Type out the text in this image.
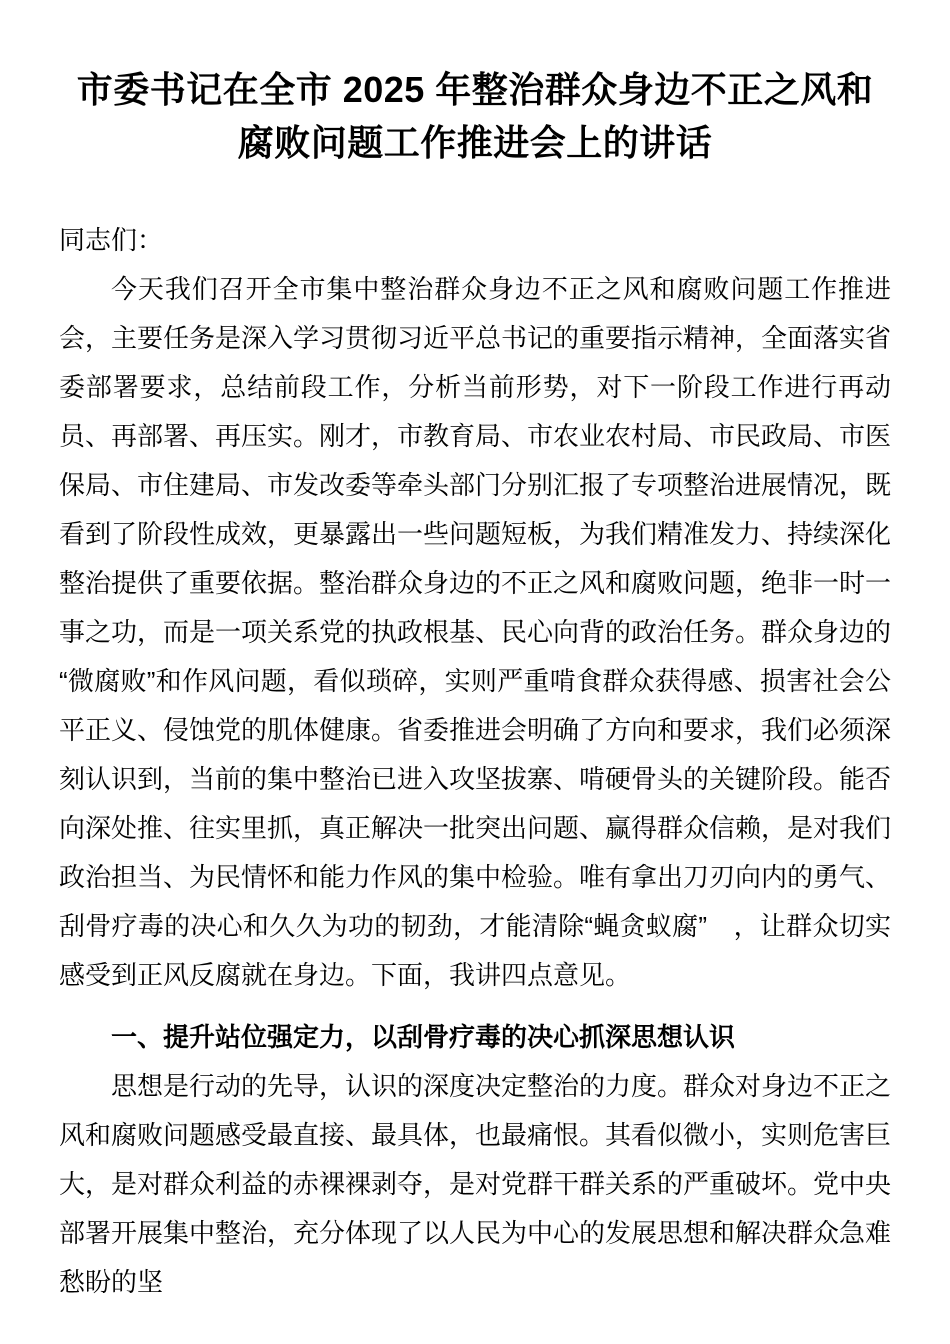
市委书记在全市 2025 年整治群众身边不正之风和腐败问题工作推进会上的讲话
同志们：

今天我们召开全市集中整治群众身边不正之风和腐败问题工作推进会，主要任务是深入学习贯彻习近平总书记的重要指示精神，全面落实省委部署要求，总结前段工作，分析当前形势，对下一阶段工作进行再动员、再部署、再压实。刚才，市教育局、市农业农村局、市民政局、市医保局、市住建局、市发改委等牵头部门分别汇报了专项整治进展情况，既看到了阶段性成效，更暴露出一些问题短板，为我们精准发力、持续深化整治提供了重要依据。整治群众身边的不正之风和腐败问题，绝非一时一事之功，而是一项关系党的执政根基、民心向背的政治任务。群众身边的“微腐败”和作风问题，看似琐碎，实则严重啃食群众获得感、损害社会公平正义、侵蚀党的肌体健康。省委推进会明确了方向和要求，我们必须深刻认识到，当前的集中整治已进入攻坚拔寨、啃硬骨头的关键阶段。能否向深处推、往实里抓，真正解决一批突出问题、赢得群众信赖，是对我们政治担当、为民情怀和能力作风的集中检验。唯有拿出刀刃向内的勇气、刮骨疗毒的决心和久久为功的韧劲，才能清除“蝇贪蚁腐”　，让群众切实感受到正风反腐就在身边。下面，我讲四点意见。

一、提升站位强定力，以刮骨疗毒的决心抓深思想认识

思想是行动的先导，认识的深度决定整治的力度。群众对身边不正之风和腐败问题感受最直接、最具体，也最痛恨。其看似微小，实则危害巨大，是对群众利益的赤裸裸剥夺，是对党群干群关系的严重破坏。党中央部署开展集中整治，充分体现了以人民为中心的发展思想和解决群众急难愁盼的坚
